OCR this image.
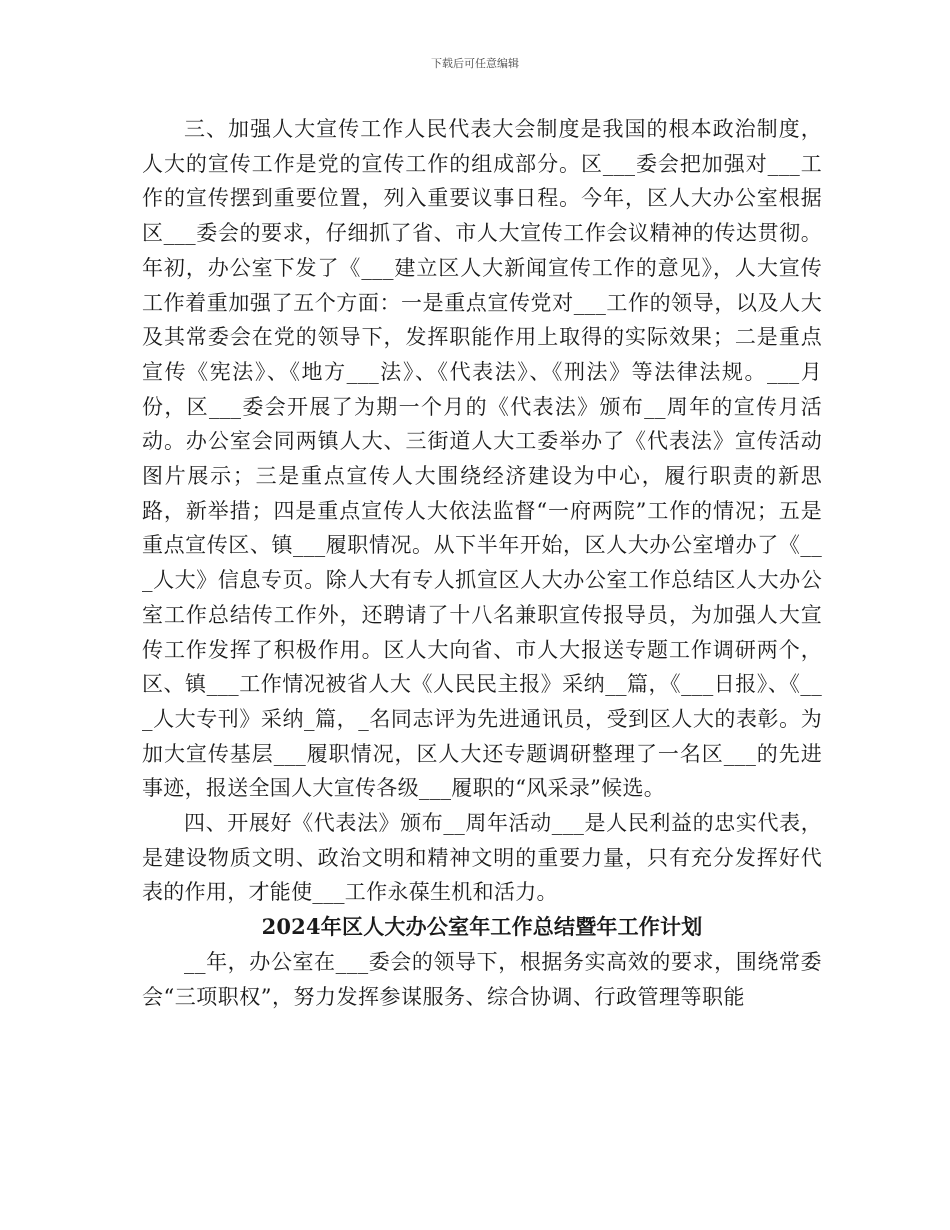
下载后可任意编辑

三、加强人大宣传工作人民代表大会制度是我国的根本政治制度，人大的宣传工作是党的宣传工作的组成部分。区___委会把加强对___工作的宣传摆到重要位置，列入重要议事日程。今年，区人大办公室根据区___委会的要求，仔细抓了省、市人大宣传工作会议精神的传达贯彻。年初，办公室下发了《___建立区人大新闻宣传工作的意见》，人大宣传工作着重加强了五个方面：一是重点宣传党对___工作的领导，以及人大及其常委会在党的领导下，发挥职能作用上取得的实际效果；二是重点宣传《宪法》、《地方___法》、《代表法》、《刑法》等法律法规。___月份，区___委会开展了为期一个月的《代表法》颁布__周年的宣传月活动。办公室会同两镇人大、三街道人大工委举办了《代表法》宣传活动图片展示；三是重点宣传人大围绕经济建设为中心，履行职责的新思路，新举措；四是重点宣传人大依法监督“一府两院”工作的情况；五是重点宣传区、镇___履职情况。从下半年开始，区人大办公室增办了《___人大》信息专页。除人大有专人抓宣区人大办公室工作总结区人大办公室工作总结传工作外，还聘请了十八名兼职宣传报导员，为加强人大宣传工作发挥了积极作用。区人大向省、市人大报送专题工作调研两个，区、镇___工作情况被省人大《人民民主报》采纳__篇，《___日报》、《___人大专刊》采纳_篇，_名同志评为先进通讯员，受到区人大的表彰。为加大宣传基层___履职情况，区人大还专题调研整理了一名区___的先进事迹，报送全国人大宣传各级___履职的“风采录”候选。

四、开展好《代表法》颁布__周年活动___是人民利益的忠实代表，是建设物质文明、政治文明和精神文明的重要力量，只有充分发挥好代表的作用，才能使___工作永葆生机和活力。

2024年区人大办公室年工作总结暨年工作计划

__年，办公室在___委会的领导下，根据务实高效的要求，围绕常委会“三项职权”，努力发挥参谋服务、综合协调、行政管理等职能
